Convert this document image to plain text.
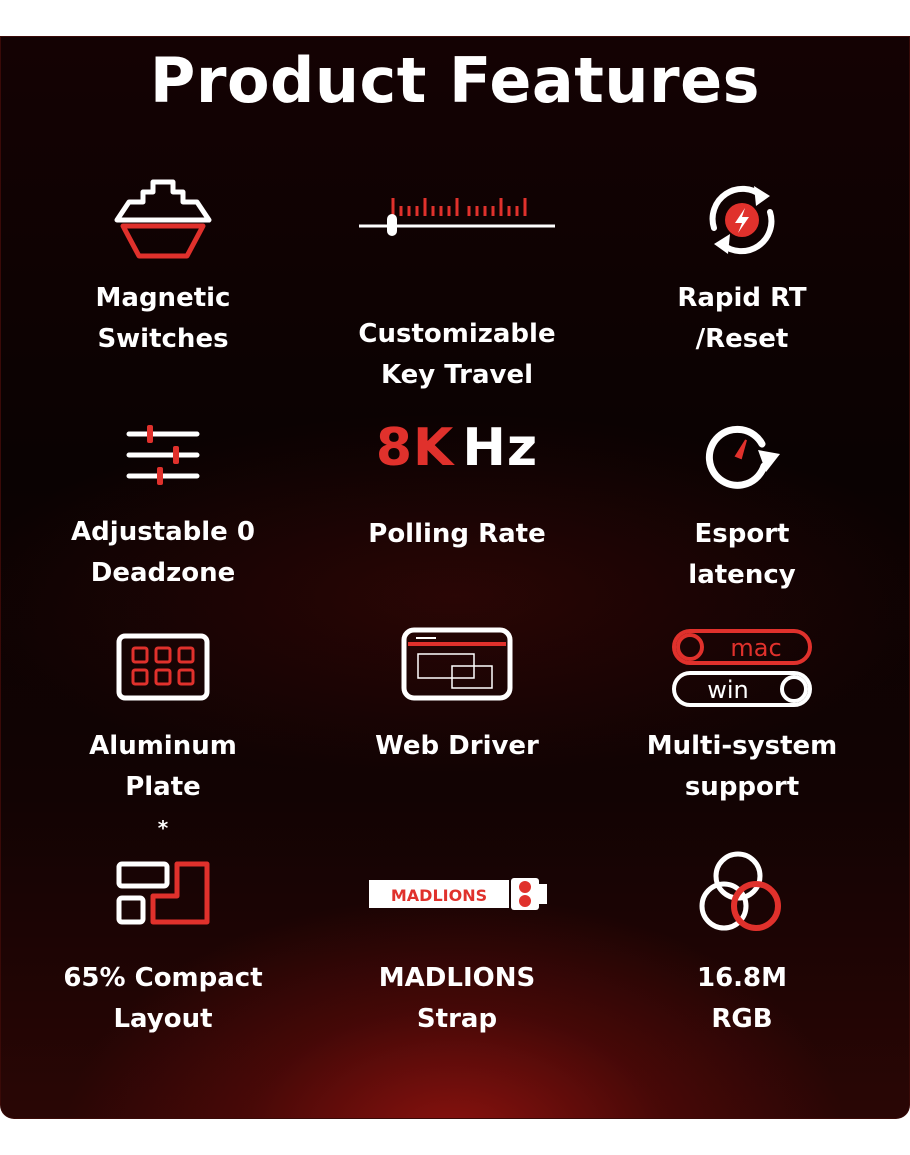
Product Features
Magnetic
Switches	Customizable
Key Travel
Rapid RT
/Reset
Adjustable 0
Deadzone
8K Hz
Polling Rate	Esport
latency
Aluminum
Plate
*
Web Driver
mac
win
Multi-system
support
65% Compact
Layout
MADLIONS
MADLIONS
Strap
16.8M
RGB
